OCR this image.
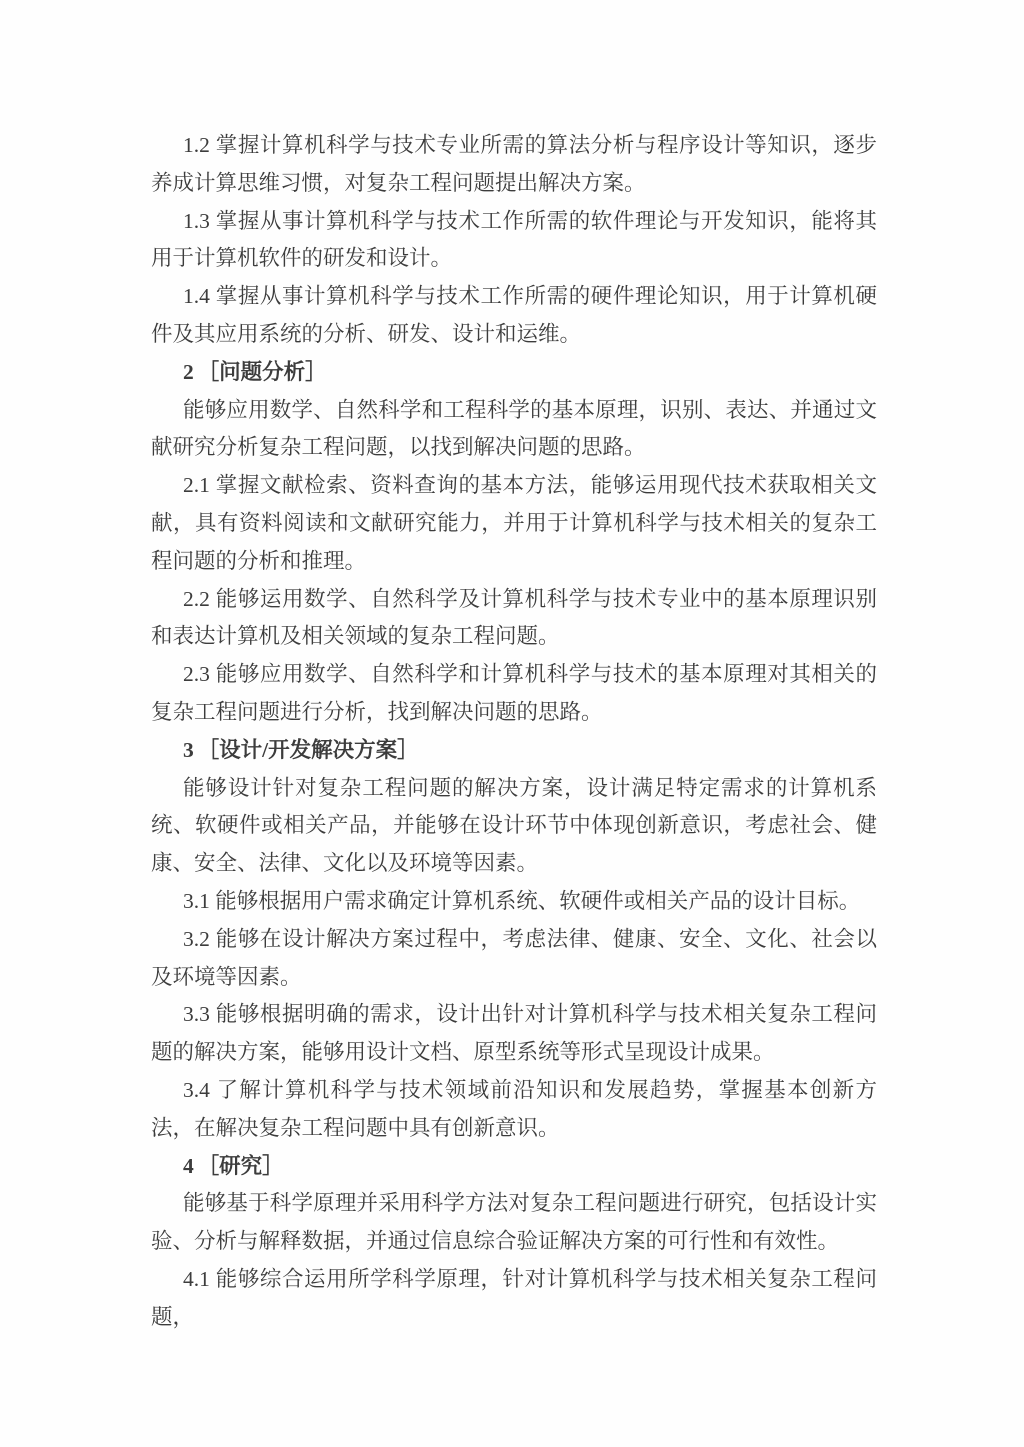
1.2 掌握计算机科学与技术专业所需的算法分析与程序设计等知识，逐步养成计算思维习惯，对复杂工程问题提出解决方案。

1.3 掌握从事计算机科学与技术工作所需的软件理论与开发知识，能将其用于计算机软件的研发和设计。

1.4 掌握从事计算机科学与技术工作所需的硬件理论知识，用于计算机硬件及其应用系统的分析、研发、设计和运维。

2 ［问题分析］

能够应用数学、自然科学和工程科学的基本原理，识别、表达、并通过文献研究分析复杂工程问题，以找到解决问题的思路。

2.1 掌握文献检索、资料查询的基本方法，能够运用现代技术获取相关文献，具有资料阅读和文献研究能力，并用于计算机科学与技术相关的复杂工程问题的分析和推理。

2.2 能够运用数学、自然科学及计算机科学与技术专业中的基本原理识别和表达计算机及相关领域的复杂工程问题。

2.3 能够应用数学、自然科学和计算机科学与技术的基本原理对其相关的复杂工程问题进行分析，找到解决问题的思路。

3 ［设计/开发解决方案］

能够设计针对复杂工程问题的解决方案，设计满足特定需求的计算机系统、软硬件或相关产品，并能够在设计环节中体现创新意识，考虑社会、健康、安全、法律、文化以及环境等因素。

3.1 能够根据用户需求确定计算机系统、软硬件或相关产品的设计目标。

3.2 能够在设计解决方案过程中，考虑法律、健康、安全、文化、社会以及环境等因素。

3.3 能够根据明确的需求，设计出针对计算机科学与技术相关复杂工程问题的解决方案，能够用设计文档、原型系统等形式呈现设计成果。

3.4 了解计算机科学与技术领域前沿知识和发展趋势，掌握基本创新方法，在解决复杂工程问题中具有创新意识。

4 ［研究］

能够基于科学原理并采用科学方法对复杂工程问题进行研究，包括设计实验、分析与解释数据，并通过信息综合验证解决方案的可行性和有效性。

4.1 能够综合运用所学科学原理，针对计算机科学与技术相关复杂工程问题，
